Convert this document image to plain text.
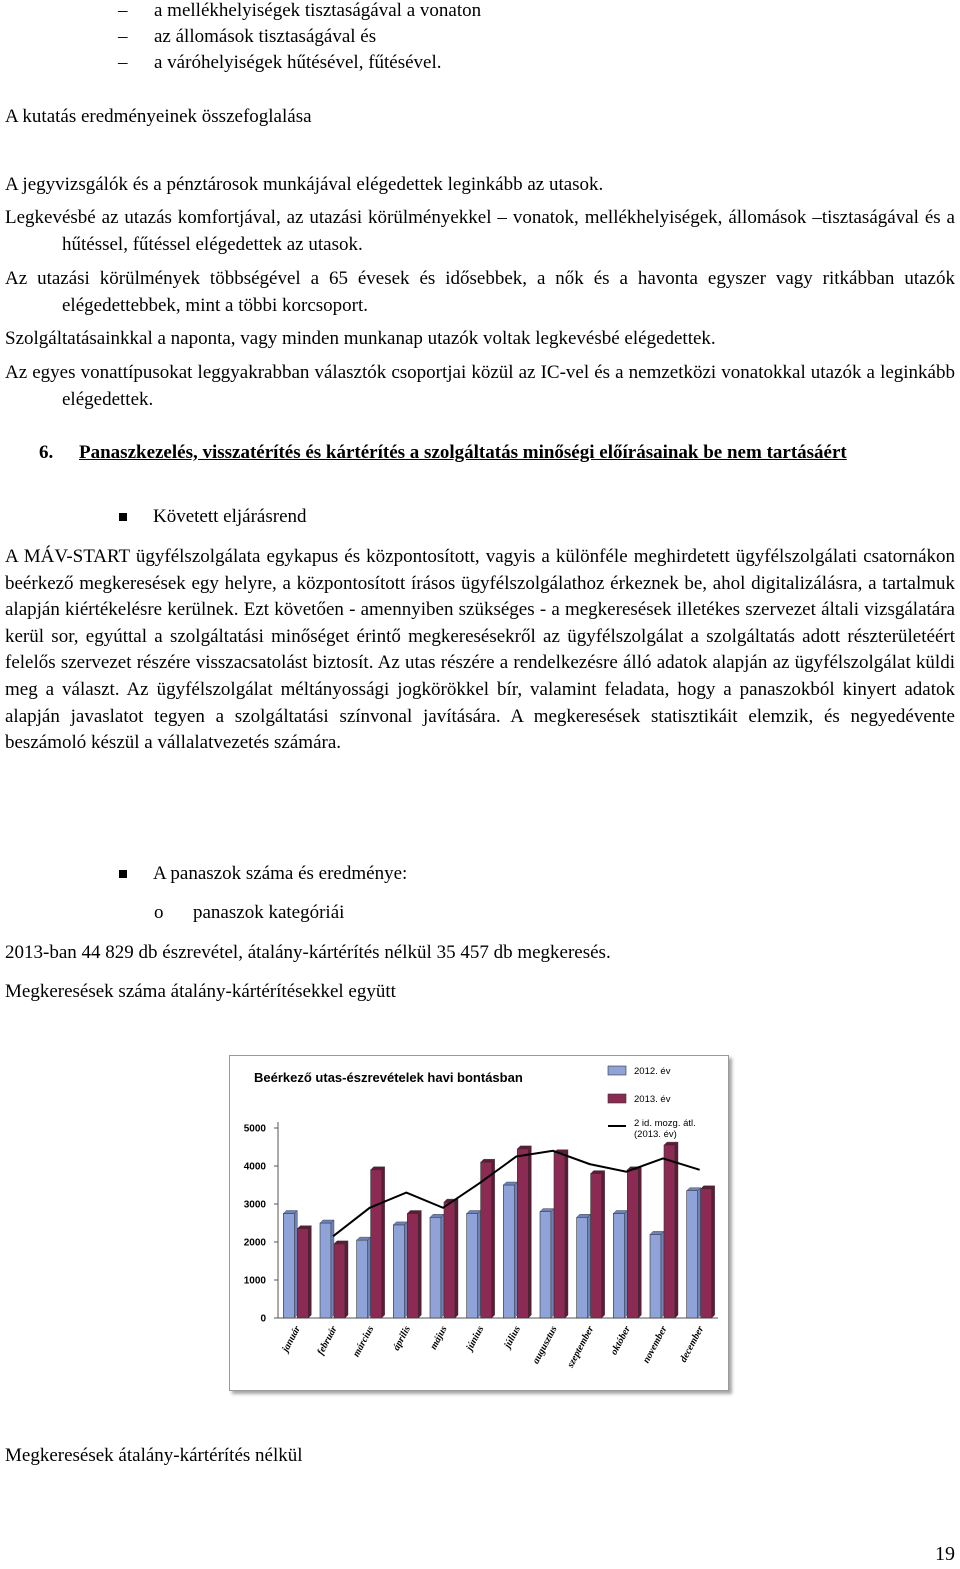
– a mellékhelyiségek tisztaságával a vonaton
– az állomások tisztaságával és
– a váróhelyiségek hűtésével, fűtésével.
A kutatás eredményeinek összefoglalása
A jegyvizsgálók és a pénztárosok munkájával elégedettek leginkább az utasok.
Legkevésbé az utazás komfortjával, az utazási körülményekkel – vonatok, mellékhelyiségek, állomások –tisztaságával és a hűtéssel, fűtéssel elégedettek az utasok.
Az utazási körülmények többségével a 65 évesek és idősebbek, a nők és a havonta egyszer vagy ritkábban utazók elégedettebbek, mint a többi korcsoport.
Szolgáltatásainkkal a naponta, vagy minden munkanap utazók voltak legkevésbé elégedettek.
Az egyes vonattípusokat leggyakrabban választók csoportjai közül az IC-vel és a nemzetközi vonatokkal utazók a leginkább elégedettek.
6. Panaszkezelés, visszatérítés és kártérítés a szolgáltatás minőségi előírásainak be nem tartásáért
Követett eljárásrend
A MÁV-START ügyfélszolgálata egykapus és központosított, vagyis a különféle meghirdetett ügyfélszolgálati csatornákon beérkező megkeresések egy helyre, a központosított írásos ügyfélszolgálathoz érkeznek be, ahol digitalizálásra, a tartalmuk alapján kiértékelésre kerülnek. Ezt követően - amennyiben szükséges - a megkeresések illetékes szervezet általi vizsgálatára kerül sor, egyúttal a szolgáltatási minőséget érintő megkeresésekről az ügyfélszolgálat a szolgáltatás adott részterületéért felelős szervezet részére visszacsatolást biztosít. Az utas részére a rendelkezésre álló adatok alapján az ügyfélszolgálat küldi meg a választ. Az ügyfélszolgálat méltányossági jogkörökkel bír, valamint feladata, hogy a panaszokból kinyert adatok alapján javaslatot tegyen a szolgáltatási színvonal javítására. A megkeresések statisztikáit elemzik, és negyedévente beszámoló készül a vállalatvezetés számára.
A panaszok száma és eredménye:
o panaszok kategóriái
2013-ban 44 829 db észrevétel, átalány-kártérítés nélkül 35 457 db megkeresés.
Megkeresések száma átalány-kártérítésekkel együtt
Beérkező utas-észrevételek havi bontásban
0
1000
2000
3000
4000
5000
január február március április május június július augusztus szeptember október november december
2012. év
2013. év
2 id. mozg. átl.
(2013. év)
Megkeresések átalány-kártérítés nélkül
19
